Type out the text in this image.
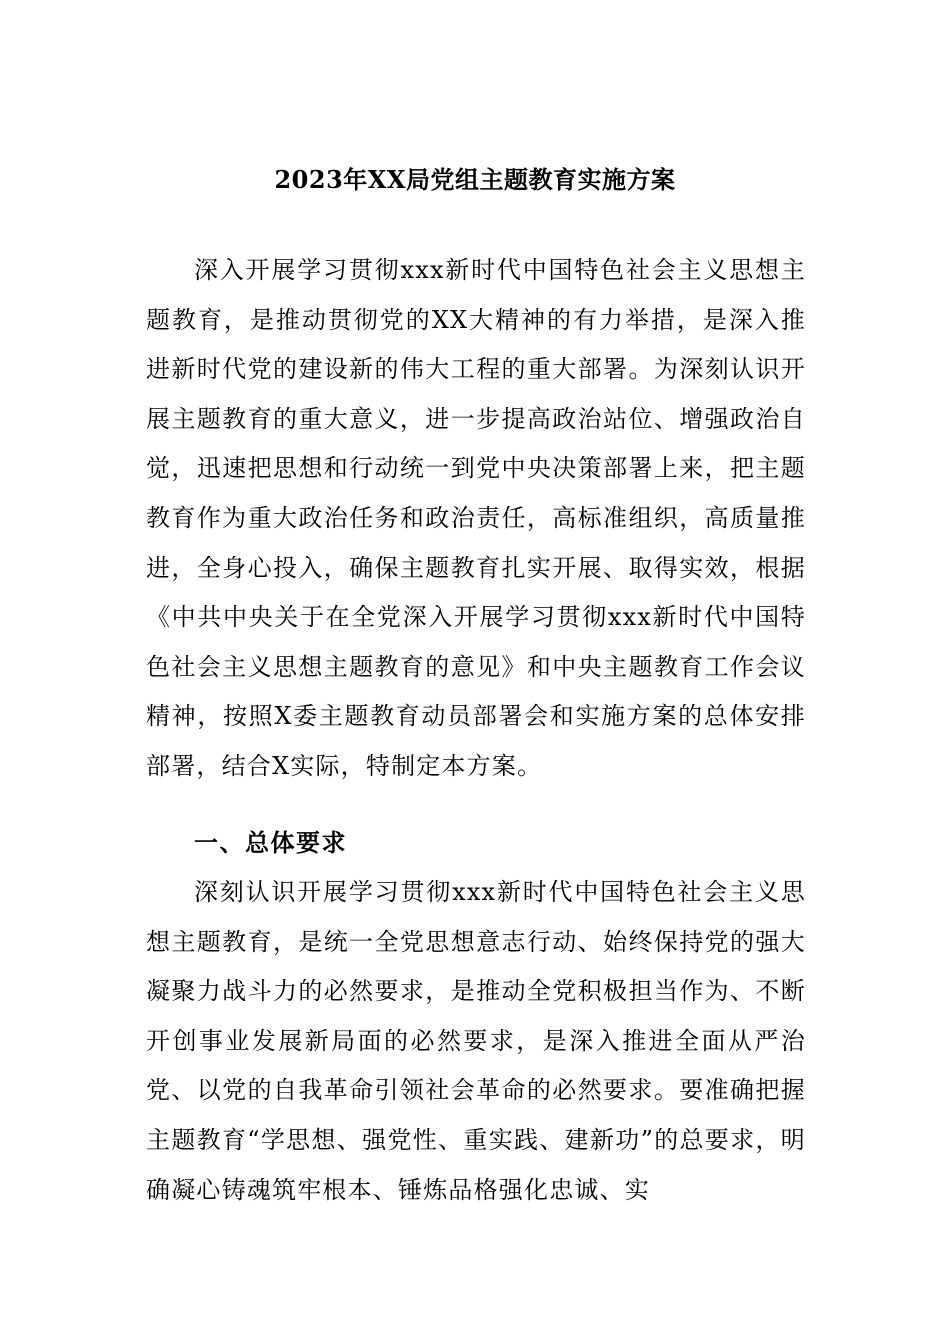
2023年XX局党组主题教育实施方案

深入开展学习贯彻xxx新时代中国特色社会主义思想主题教育，是推动贯彻党的XX大精神的有力举措，是深入推进新时代党的建设新的伟大工程的重大部署。为深刻认识开展主题教育的重大意义，进一步提高政治站位、增强政治自觉，迅速把思想和行动统一到党中央决策部署上来，把主题教育作为重大政治任务和政治责任，高标准组织，高质量推进，全身心投入，确保主题教育扎实开展、取得实效，根据《中共中央关于在全党深入开展学习贯彻xxx新时代中国特色社会主义思想主题教育的意见》和中央主题教育工作会议精神，按照X委主题教育动员部署会和实施方案的总体安排部署，结合X实际，特制定本方案。

一、总体要求

深刻认识开展学习贯彻xxx新时代中国特色社会主义思想主题教育，是统一全党思想意志行动、始终保持党的强大凝聚力战斗力的必然要求，是推动全党积极担当作为、不断开创事业发展新局面的必然要求，是深入推进全面从严治党、以党的自我革命引领社会革命的必然要求。要准确把握主题教育“学思想、强党性、重实践、建新功”的总要求，明确凝心铸魂筑牢根本、锤炼品格强化忠诚、实
